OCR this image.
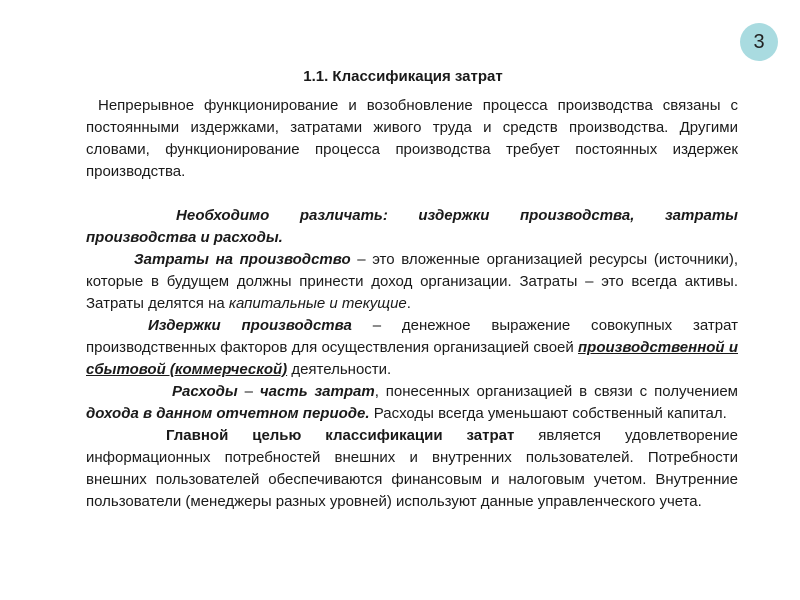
3
1.1. Классификация затрат

Непрерывное функционирование и возобновление процесса производства связаны с постоянными издержками, затратами живого труда и средств производства. Другими словами, функционирование процесса производства требует постоянных издержек производства.

Необходимо различать: издержки производства, затраты производства и расходы.

Затраты на производство – это вложенные организацией ресурсы (источники), которые в будущем должны принести доход организации. Затраты – это всегда активы. Затраты делятся на капитальные и текущие.

Издержки производства – денежное выражение совокупных затрат производственных факторов для осуществления организацией своей производственной и сбытовой (коммерческой) деятельности.

Расходы – часть затрат, понесенных организацией в связи с получением дохода в данном отчетном периоде. Расходы всегда уменьшают собственный капитал.

Главной целью классификации затрат является удовлетворение информационных потребностей внешних и внутренних пользователей. Потребности внешних пользователей обеспечиваются финансовым и налоговым учетом. Внутренние пользователи (менеджеры разных уровней) используют данные управленческого учета.
